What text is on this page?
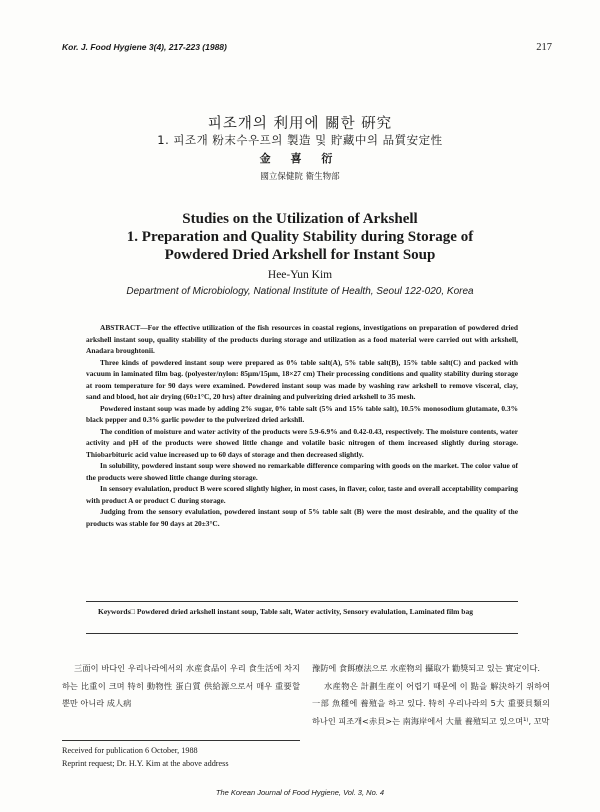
Kor. J. Food Hygiene 3(4), 217-223 (1988)	217
피조개의 利用에 關한 硏究
1. 피조개 粉末수우프의 製造 및 貯藏中의 品質安定性
金 喜 衍
國立保健院 衛生物部
Studies on the Utilization of Arkshell
1. Preparation and Quality Stability during Storage of
Powdered Dried Arkshell for Instant Soup
Hee-Yun Kim
Department of Microbiology, National Institute of Health, Seoul 122-020, Korea

ABSTRACT—For the effective utilization of the fish resources in coastal regions, investigations on preparation of powdered dried arkshell instant soup, quality stability of the products during storage and utilization as a food material were carried out with arkshell, Anadara broughtonii.

Three kinds of powdered instant soup were prepared as 0% table salt(A), 5% table salt(B), 15% table salt(C) and packed with vacuum in laminated film bag. (polyester/nylon: 85μm/15μm, 18×27 cm) Their processing conditions and quality stability during storage at room temperature for 90 days were examined. Powdered instant soup was made by washing raw arkshell to remove visceral, clay, sand and blood, hot air drying (60±1°C, 20 hrs) after draining and pulverizing dried arkshell to 35 mesh.

Powdered instant soup was made by adding 2% sugar, 0% table salt (5% and 15% table salt), 10.5% monosodium glutamate, 0.3% black pepper and 0.3% garlic powder to the pulverized dried arkshll.

The condition of moisture and water activity of the products were 5.9-6.9% and 0.42-0.43, respectively. The moisture contents, water activity and pH of the products were showed little change and volatile basic nitrogen of them increased slightly during storage. Thiobarbituric acid value increased up to 60 days of storage and then decreased slightly.

In solubility, powdered instant soup were showed no remarkable difference comparing with goods on the market. The color value of the products were showed little change during storage.

In sensory evalulation, product B were scored slightly higher, in most cases, in flaver, color, taste and overall acceptability comparing with product A or product C during storage.

Judging from the sensory evalulation, powdered instant soup of 5% table salt (B) were the most desirable, and the quality of the products was stable for 90 days at 20±3°C.

Keywords□ Powdered dried arkshell instant soup, Table salt, Water activity, Sensory evalulation, Laminated film bag

三面이 바다인 우리나라에서의 水産食品이 우리 食生活에 차지하는 比重이 크며 特히 動物性 蛋白質 供給源으로서 매우 重要할 뿐만 아니라 成人病

豫防에 食餌療法으로 水産物의 攝取가 勸獎되고 있는 實定이다.

水産物은 計劃生産이 어렵기 때문에 이 點을 解決하기 위하여 一部 魚種에 養殖을 하고 있다. 特히 우리나라의 5大 重要貝類의 하나인 피조개<赤貝>는 南海岸에서 大量 養殖되고 있으며¹⁾, 꼬막

Received for publication 6 October, 1988
Reprint request; Dr. H.Y. Kim at the above address
The Korean Journal of Food Hygiene, Vol. 3, No. 4
